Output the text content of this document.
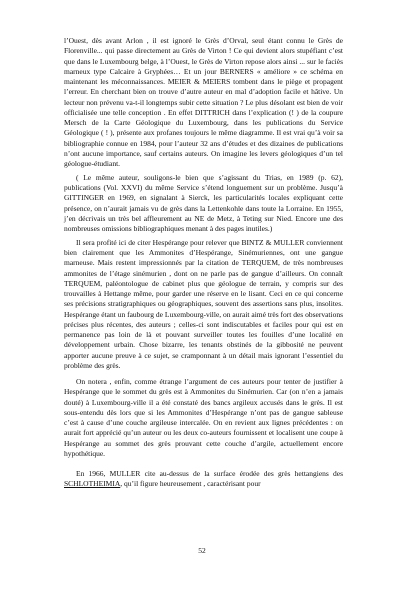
l’Ouest, dès avant Arlon , il est ignoré le Grès d’Orval, seul étant connu le Grès de Florenville... qui passe directement au Grès de Virton ! Ce qui devient alors stupéfiant c’est que dans le Luxembourg belge, à l’Ouest, le Grès de Virton repose alors ainsi ... sur le faciès marneux type Calcaire à Gryphées… Et un jour BERNERS « améliore » ce schéma en maintenant les méconnaissances. MEIER & MEIERS tombent dans le piège et propagent l’erreur. En cherchant bien on trouve d’autre auteur en mal d’adoption facile et hâtive. Un lecteur non prévenu va-t-il longtemps subir cette situation ? Le plus désolant est bien de voir officialisée une telle conception . En effet DITTRICH dans l’explication (! ) de la coupure Mersch de la Carte Géologique du Luxembourg, dans les publications du Service Géologique ( ! ), présente aux profanes toujours le même diagramme. Il est vrai qu’à voir sa bibliographie connue en 1984, pour l’auteur 32 ans d’études et des dizaines de publications n’ont aucune importance, sauf certains auteurs. On imagine les levers géologiques d’un tel géologue-étudiant.

( Le même auteur, souligons-le bien que s’agissant du Trias, en 1989 (p. 62), publications (Vol. XXVI) du même Service s’étend longuement sur un problème. Jusqu’à GITTINGER en 1969, en signalant à Sierck, les particularités locales expliquant cette présence, on n’aurait jamais vu de grès dans la Lettenkohle dans toute la Lorraine. En 1955, j’en décrivais un très bel affleurement au NE de Metz, à Teting sur Nied. Encore une des nombreuses omissions bibliographiques menant à des pages inutiles.)

Il sera profité ici de citer Hespérange pour relever que BINTZ & MULLER conviennent bien clairement que les Ammonites d’Hespérange, Sinémuriennes, ont une gangue marneuse. Mais restent impressionnés par la citation de TERQUEM, de très nombreuses ammonites de l’étage sinémurien , dont on ne parle pas de gangue d’ailleurs. On connaît TERQUEM, paléontologue de cabinet plus que géologue de terrain, y compris sur des trouvailles à Hettange même, pour garder une réserve en le lisant. Ceci en ce qui concerne ses précisions stratigraphiques ou géographiques, souvent des assertions sans plus, insolites. Hespérange étant un faubourg de Luxembourg-ville, on aurait aimé très fort des observations précises plus récentes, des auteurs ; celles-ci sont indiscutables et faciles pour qui est en permanence pas loin de là et pouvant surveiller toutes les fouilles d’une localité en développement urbain. Chose bizarre, les tenants obstinés de la gibbosité ne peuvent apporter aucune preuve à ce sujet, se cramponnant à un détail mais ignorant l’essentiel du problème des grès.

On notera , enfin, comme étrange l’argument de ces auteurs pour tenter de justifier à Hespérange que le sommet du grès est à Ammonites du Sinémurien. Car (on n’en a jamais douté) à Luxembourg-ville il a été constaté des bancs argileux accusés dans le grès. Il est sous-entendu dès lors que si les Ammonites d’Hespérange n’ont pas de gangue sableuse c’est à cause d’une couche argileuse intercalée. On en revient aux lignes précédentes : on aurait fort apprécié qu’un auteur ou les deux co-auteurs fournissent et localisent une coupe à Hespérange au sommet des grès prouvant cette couche d’argile, actuellement encore hypothétique.

En 1966, MULLER cite au-dessus de la surface érodée des grès hettangiens des SCHLOTHEIMIA, qu’il figure heureusement , caractérisant pour

52
